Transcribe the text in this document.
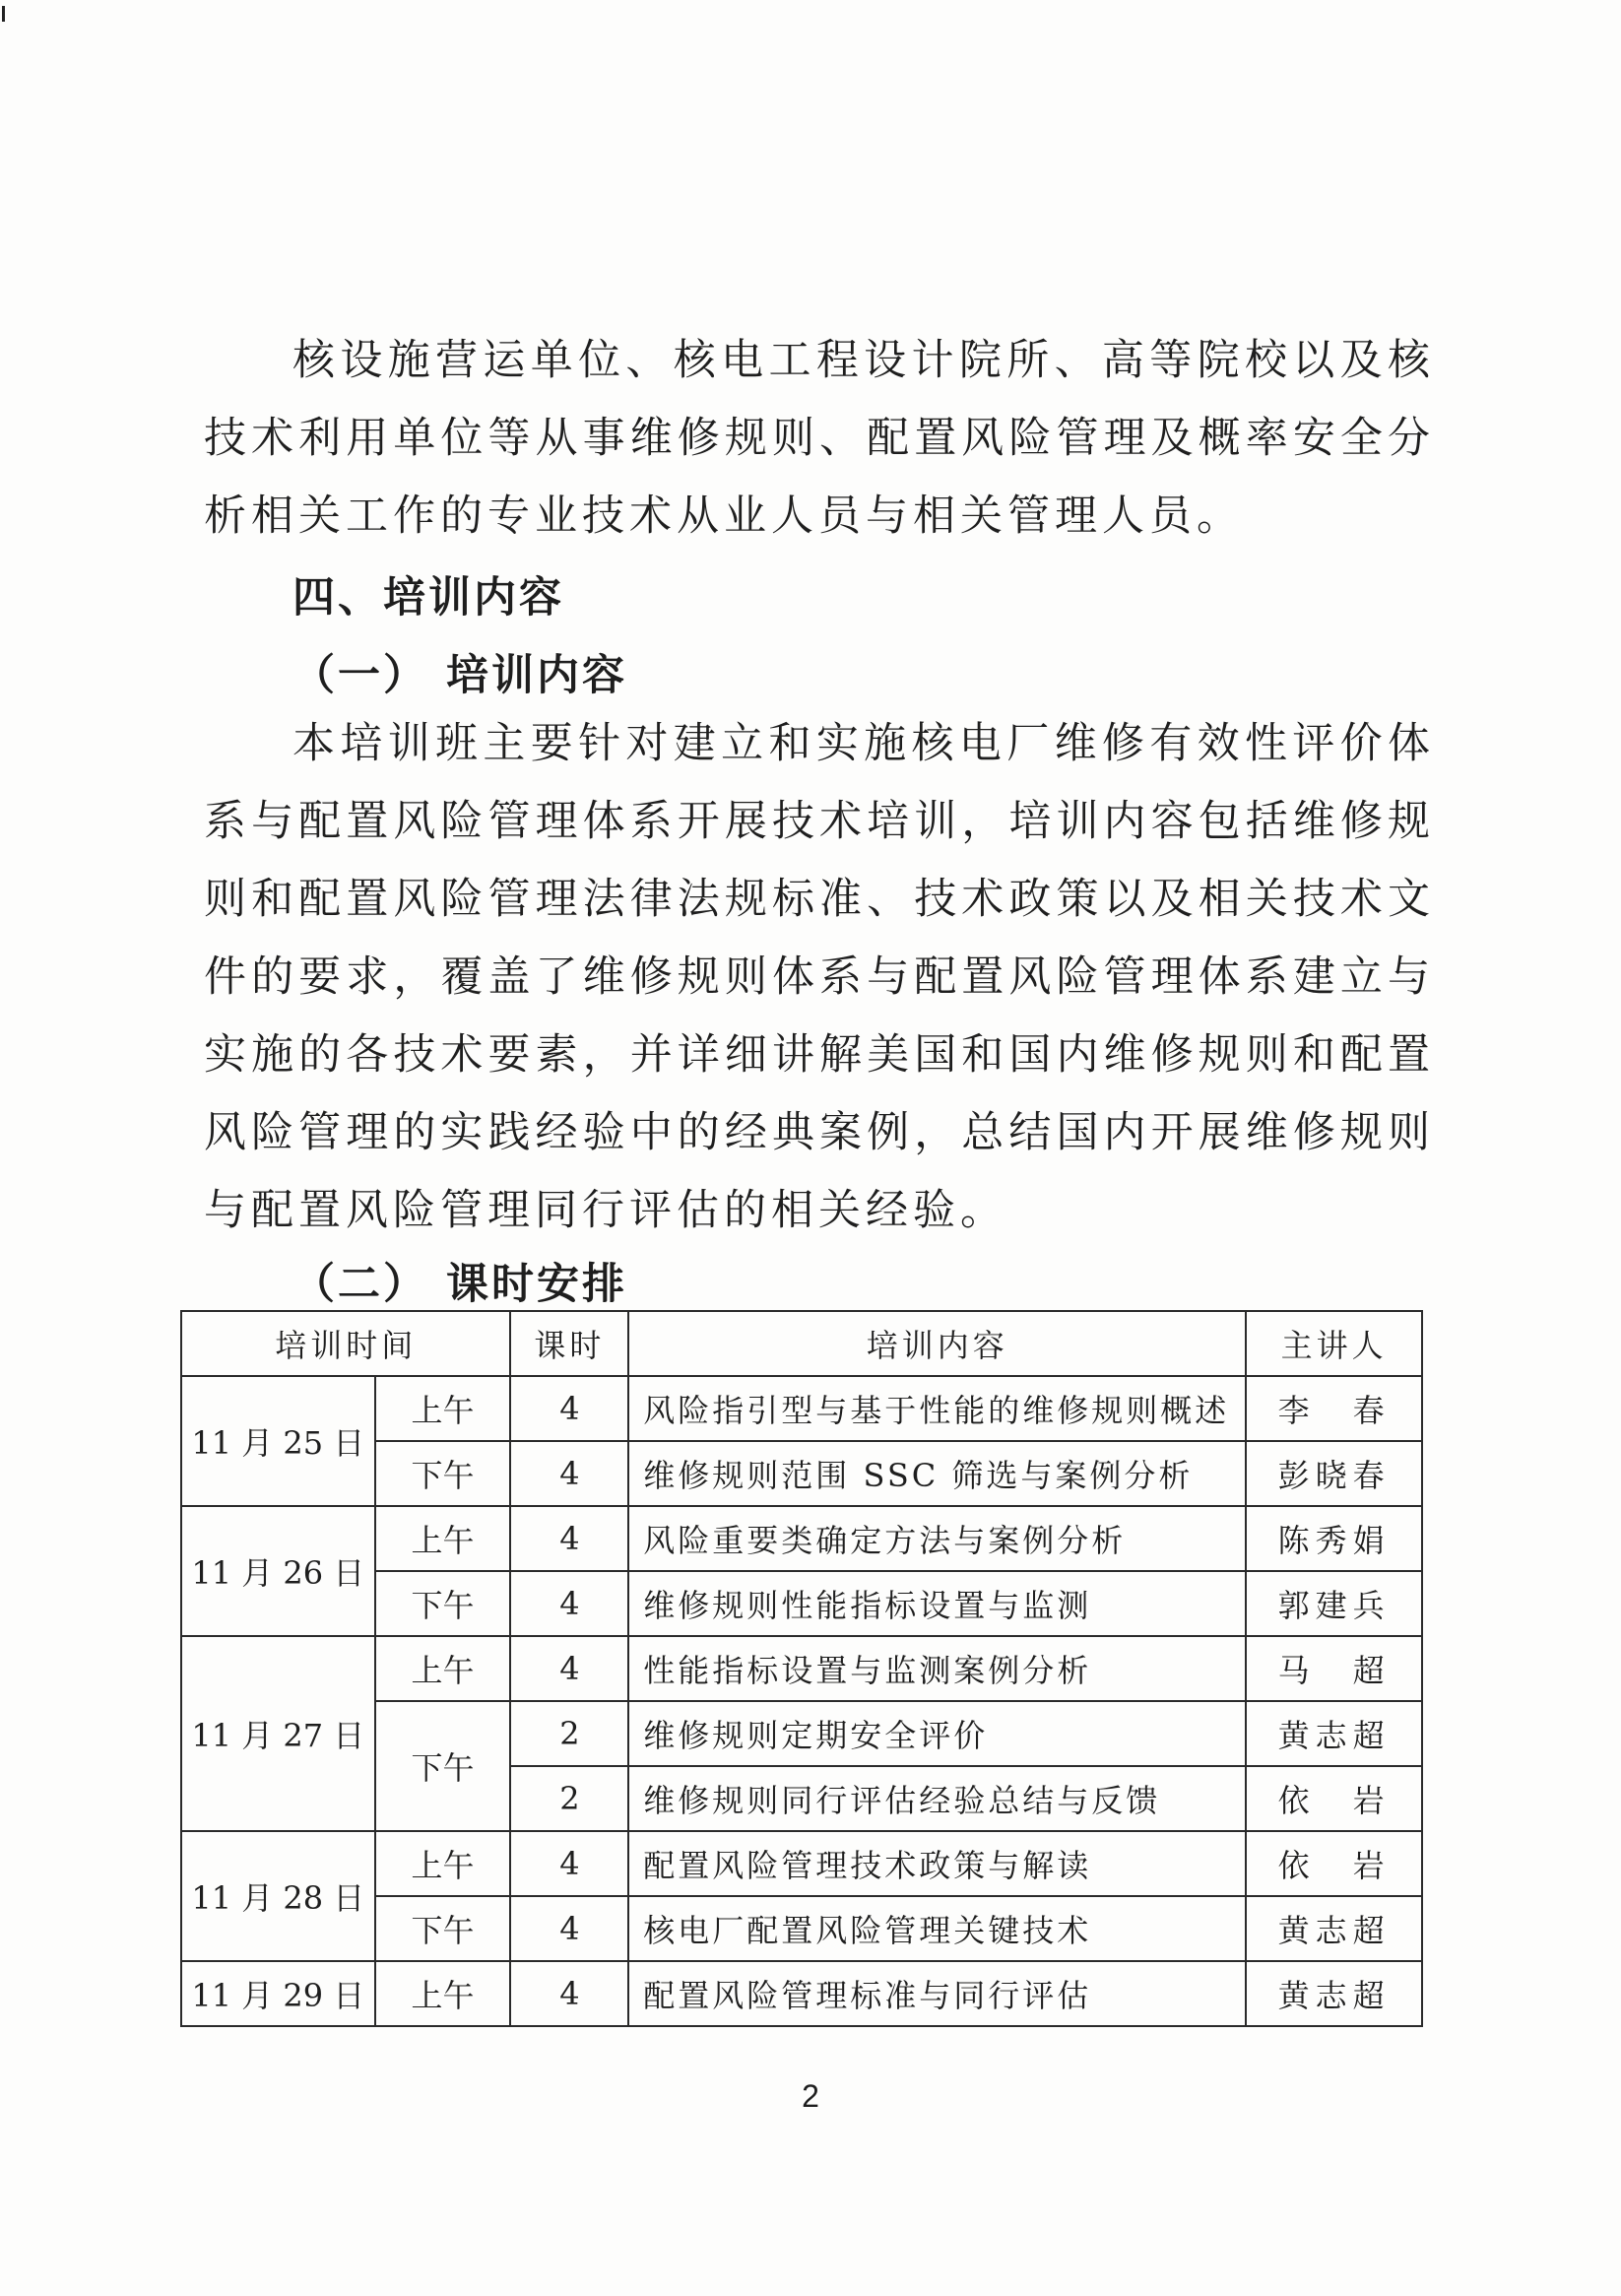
核设施营运单位、核电工程设计院所、高等院校以及核技术利用单位等从事维修规则、配置风险管理及概率安全分析相关工作的专业技术从业人员与相关管理人员。

四、培训内容
（一） 培训内容

本培训班主要针对建立和实施核电厂维修有效性评价体系与配置风险管理体系开展技术培训，培训内容包括维修规则和配置风险管理法律法规标准、技术政策以及相关技术文件的要求，覆盖了维修规则体系与配置风险管理体系建立与实施的各技术要素，并详细讲解美国和国内维修规则和配置风险管理的实践经验中的经典案例，总结国内开展维修规则与配置风险管理同行评估的相关经验。

（二） 课时安排
培训时间		课时	培训内容	主讲人
11 月 25 日	上午	4	风险指引型与基于性能的维修规则概述	李　春
	下午	4	维修规则范围 SSC 筛选与案例分析	彭晓春
11 月 26 日	上午	4	风险重要类确定方法与案例分析	陈秀娟
	下午	4	维修规则性能指标设置与监测	郭建兵
11 月 27 日	上午	4	性能指标设置与监测案例分析	马　超
	下午	2	维修规则定期安全评价	黄志超
		2	维修规则同行评估经验总结与反馈	依　岩
11 月 28 日	上午	4	配置风险管理技术政策与解读	依　岩
	下午	4	核电厂配置风险管理关键技术	黄志超
11 月 29 日	上午	4	配置风险管理标准与同行评估	黄志超
2
